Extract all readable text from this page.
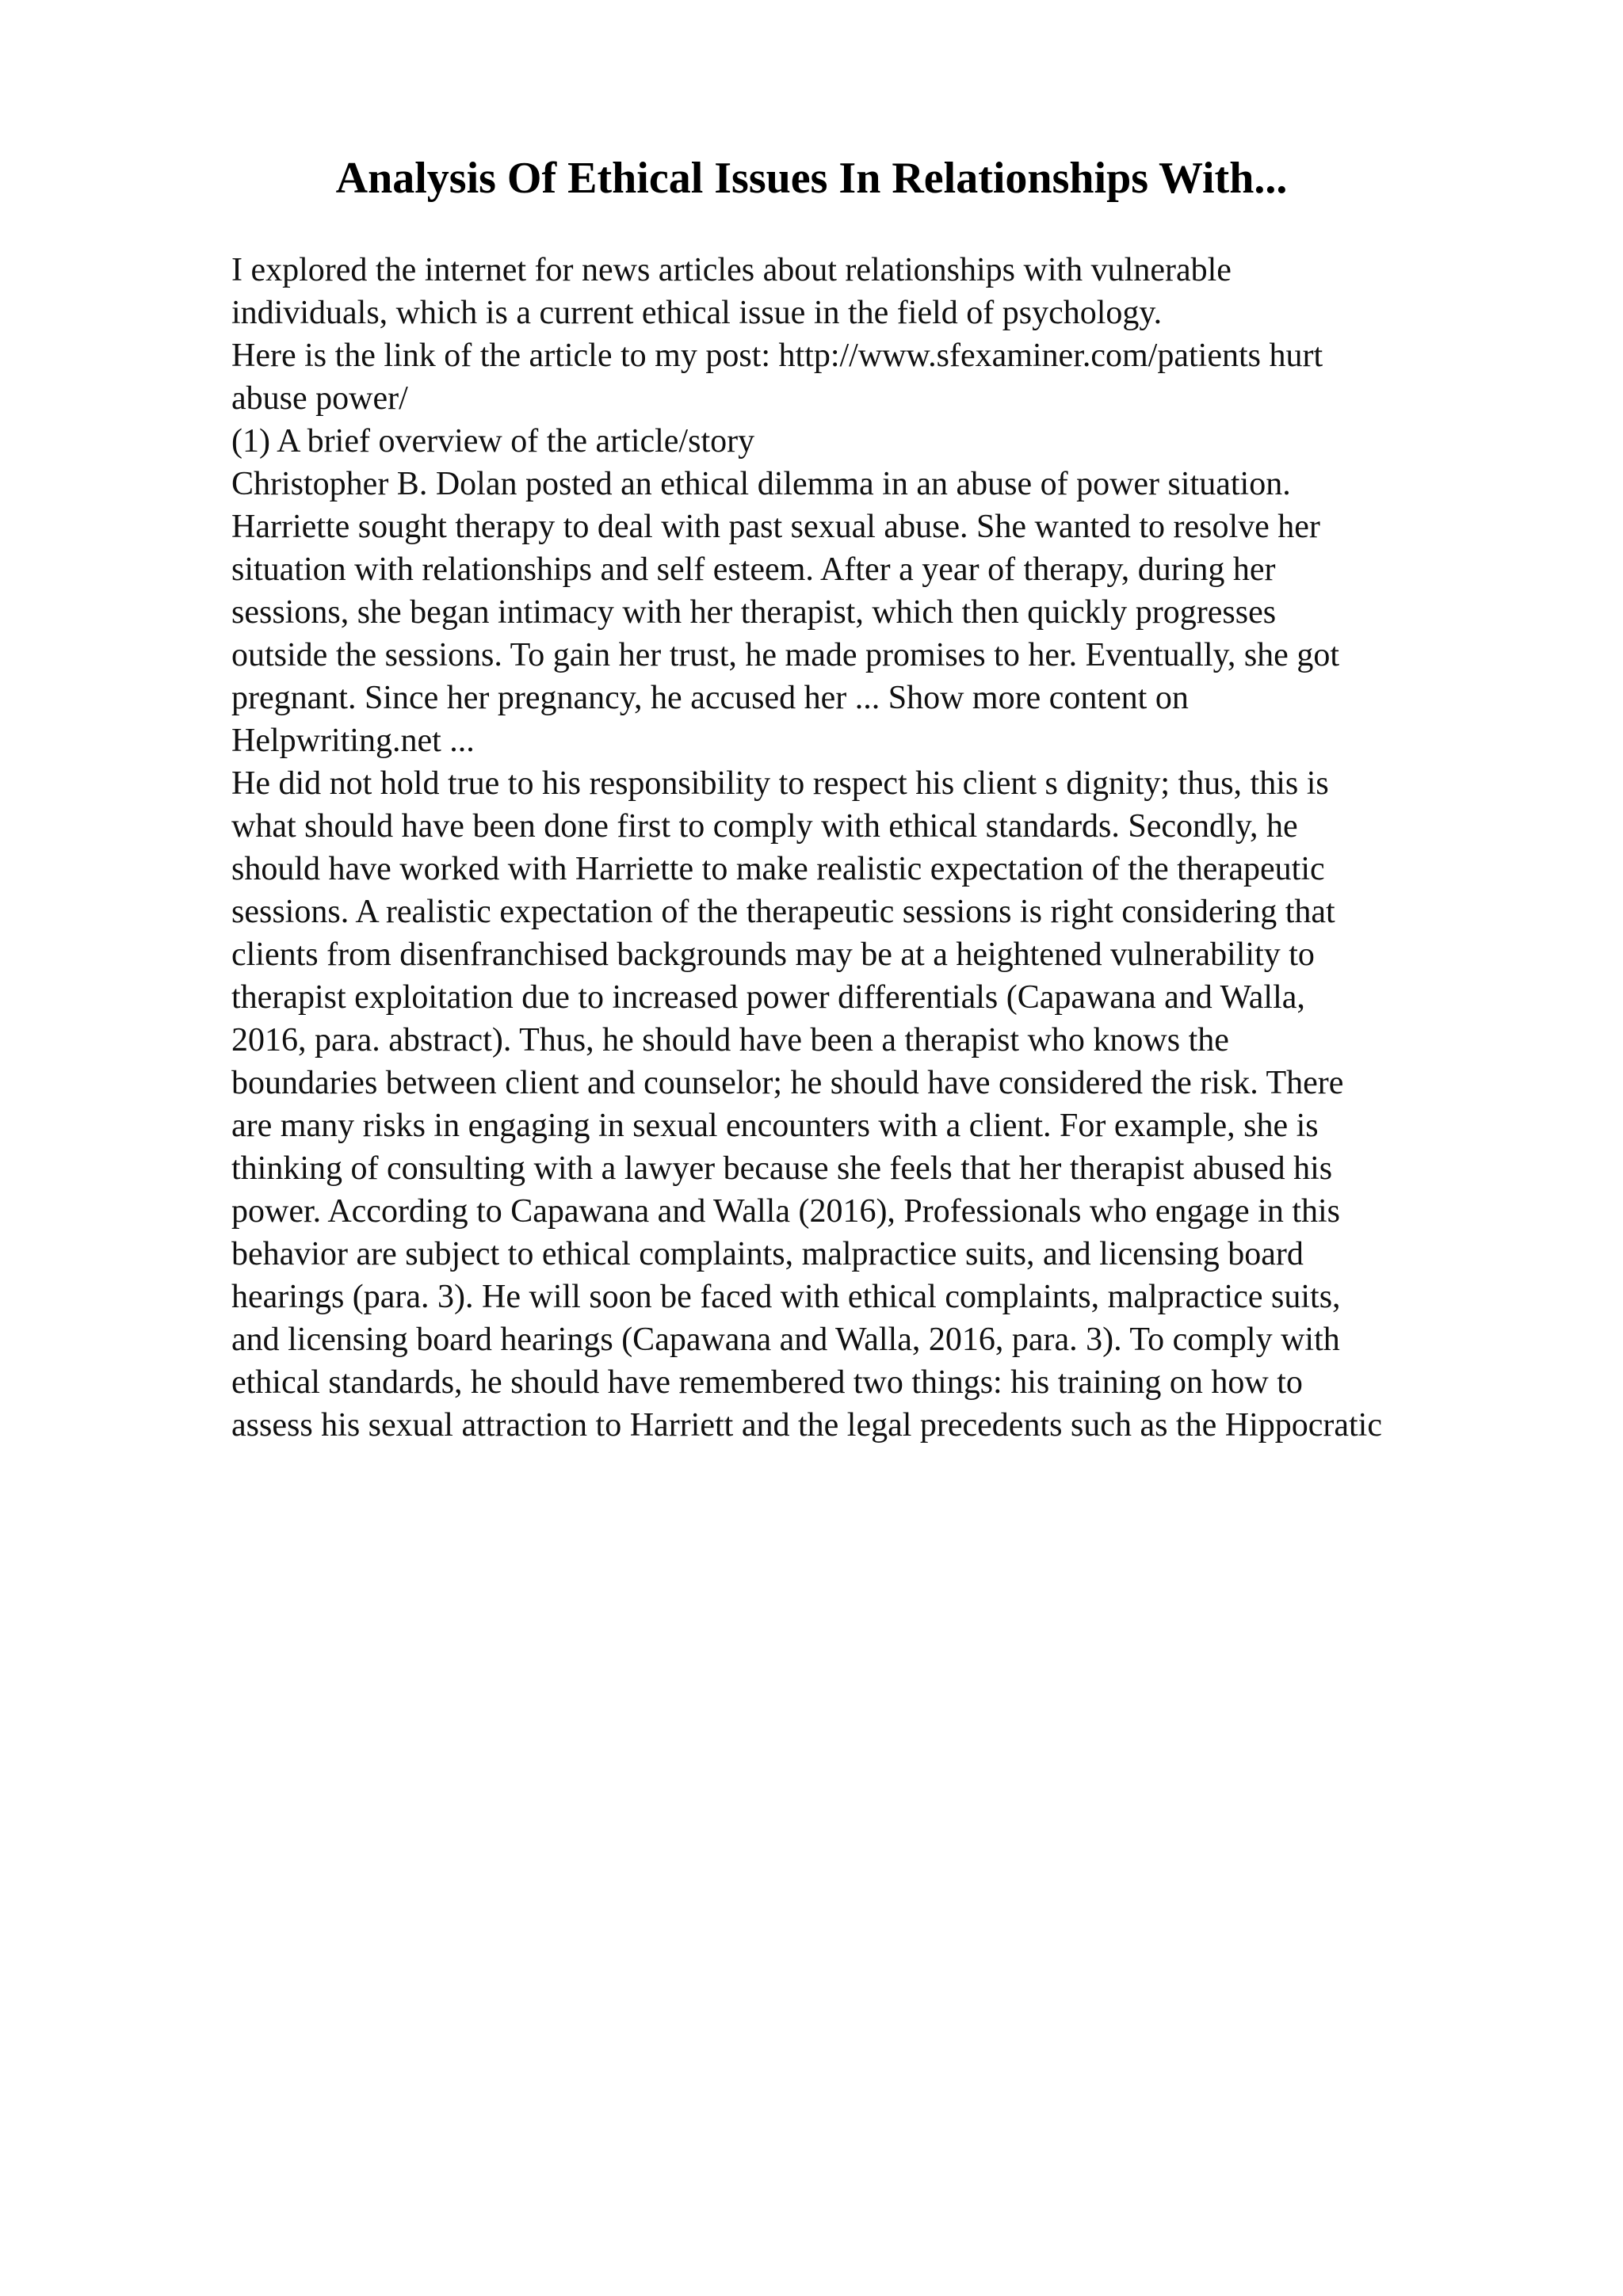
Analysis Of Ethical Issues In Relationships With...
I explored the internet for news articles about relationships with vulnerable
individuals, which is a current ethical issue in the field of psychology.
Here is the link of the article to my post: http://www.sfexaminer.com/patients hurt
abuse power/
(1) A brief overview of the article/story
Christopher B. Dolan posted an ethical dilemma in an abuse of power situation.
Harriette sought therapy to deal with past sexual abuse. She wanted to resolve her
situation with relationships and self esteem. After a year of therapy, during her
sessions, she began intimacy with her therapist, which then quickly progresses
outside the sessions. To gain her trust, he made promises to her. Eventually, she got
pregnant. Since her pregnancy, he accused her ... Show more content on
Helpwriting.net ...
He did not hold true to his responsibility to respect his client s dignity; thus, this is
what should have been done first to comply with ethical standards. Secondly, he
should have worked with Harriette to make realistic expectation of the therapeutic
sessions. A realistic expectation of the therapeutic sessions is right considering that
clients from disenfranchised backgrounds may be at a heightened vulnerability to
therapist exploitation due to increased power differentials (Capawana and Walla,
2016, para. abstract). Thus, he should have been a therapist who knows the
boundaries between client and counselor; he should have considered the risk. There
are many risks in engaging in sexual encounters with a client. For example, she is
thinking of consulting with a lawyer because she feels that her therapist abused his
power. According to Capawana and Walla (2016), Professionals who engage in this
behavior are subject to ethical complaints, malpractice suits, and licensing board
hearings (para. 3). He will soon be faced with ethical complaints, malpractice suits,
and licensing board hearings (Capawana and Walla, 2016, para. 3). To comply with
ethical standards, he should have remembered two things: his training on how to
assess his sexual attraction to Harriett and the legal precedents such as the Hippocratic
